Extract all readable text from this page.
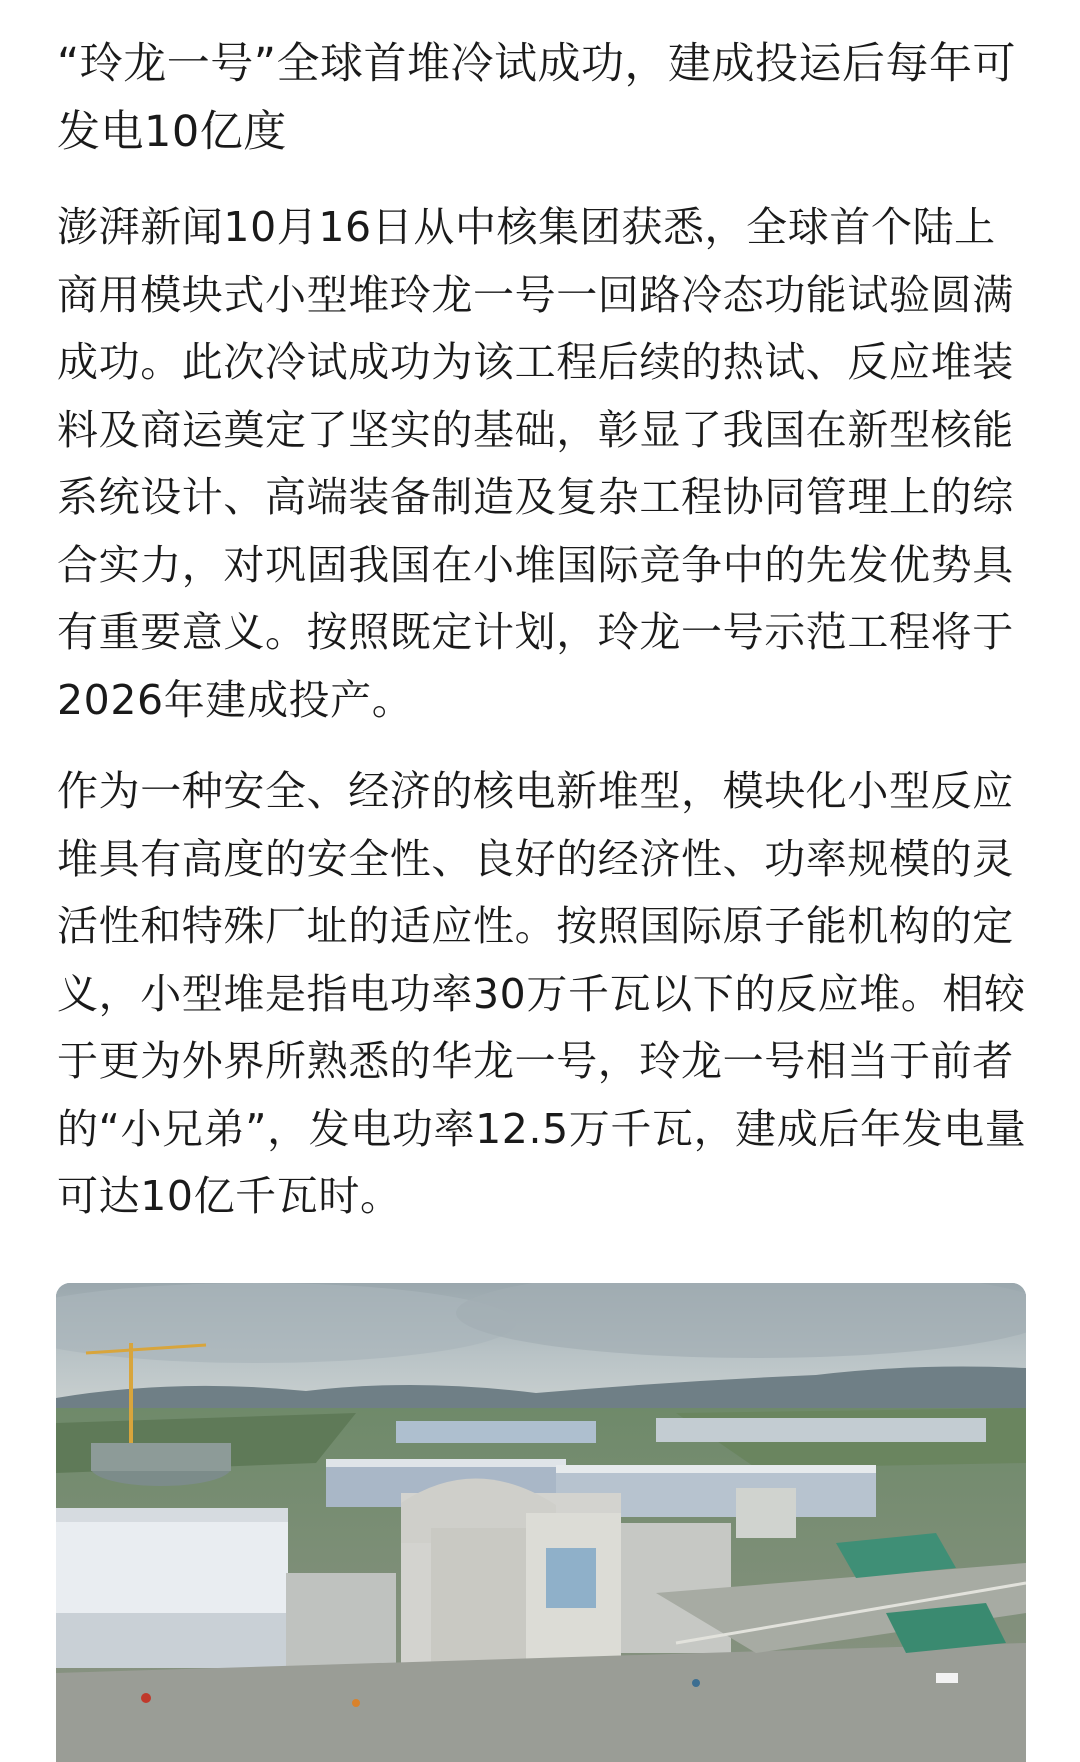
“玲龙一号”全球首堆冷试成功，建成投运后每年可发电10亿度

澎湃新闻10月16日从中核集团获悉，全球首个陆上商用模块式小型堆玲龙一号一回路冷态功能试验圆满成功。此次冷试成功为该工程后续的热试、反应堆装料及商运奠定了坚实的基础，彰显了我国在新型核能系统设计、高端装备制造及复杂工程协同管理上的综合实力，对巩固我国在小堆国际竞争中的先发优势具有重要意义。按照既定计划，玲龙一号示范工程将于2026年建成投产。

作为一种安全、经济的核电新堆型，模块化小型反应堆具有高度的安全性、良好的经济性、功率规模的灵活性和特殊厂址的适应性。按照国际原子能机构的定义，小型堆是指电功率30万千瓦以下的反应堆。相较于更为外界所熟悉的华龙一号，玲龙一号相当于前者的“小兄弟”，发电功率12.5万千瓦，建成后年发电量可达10亿千瓦时。
